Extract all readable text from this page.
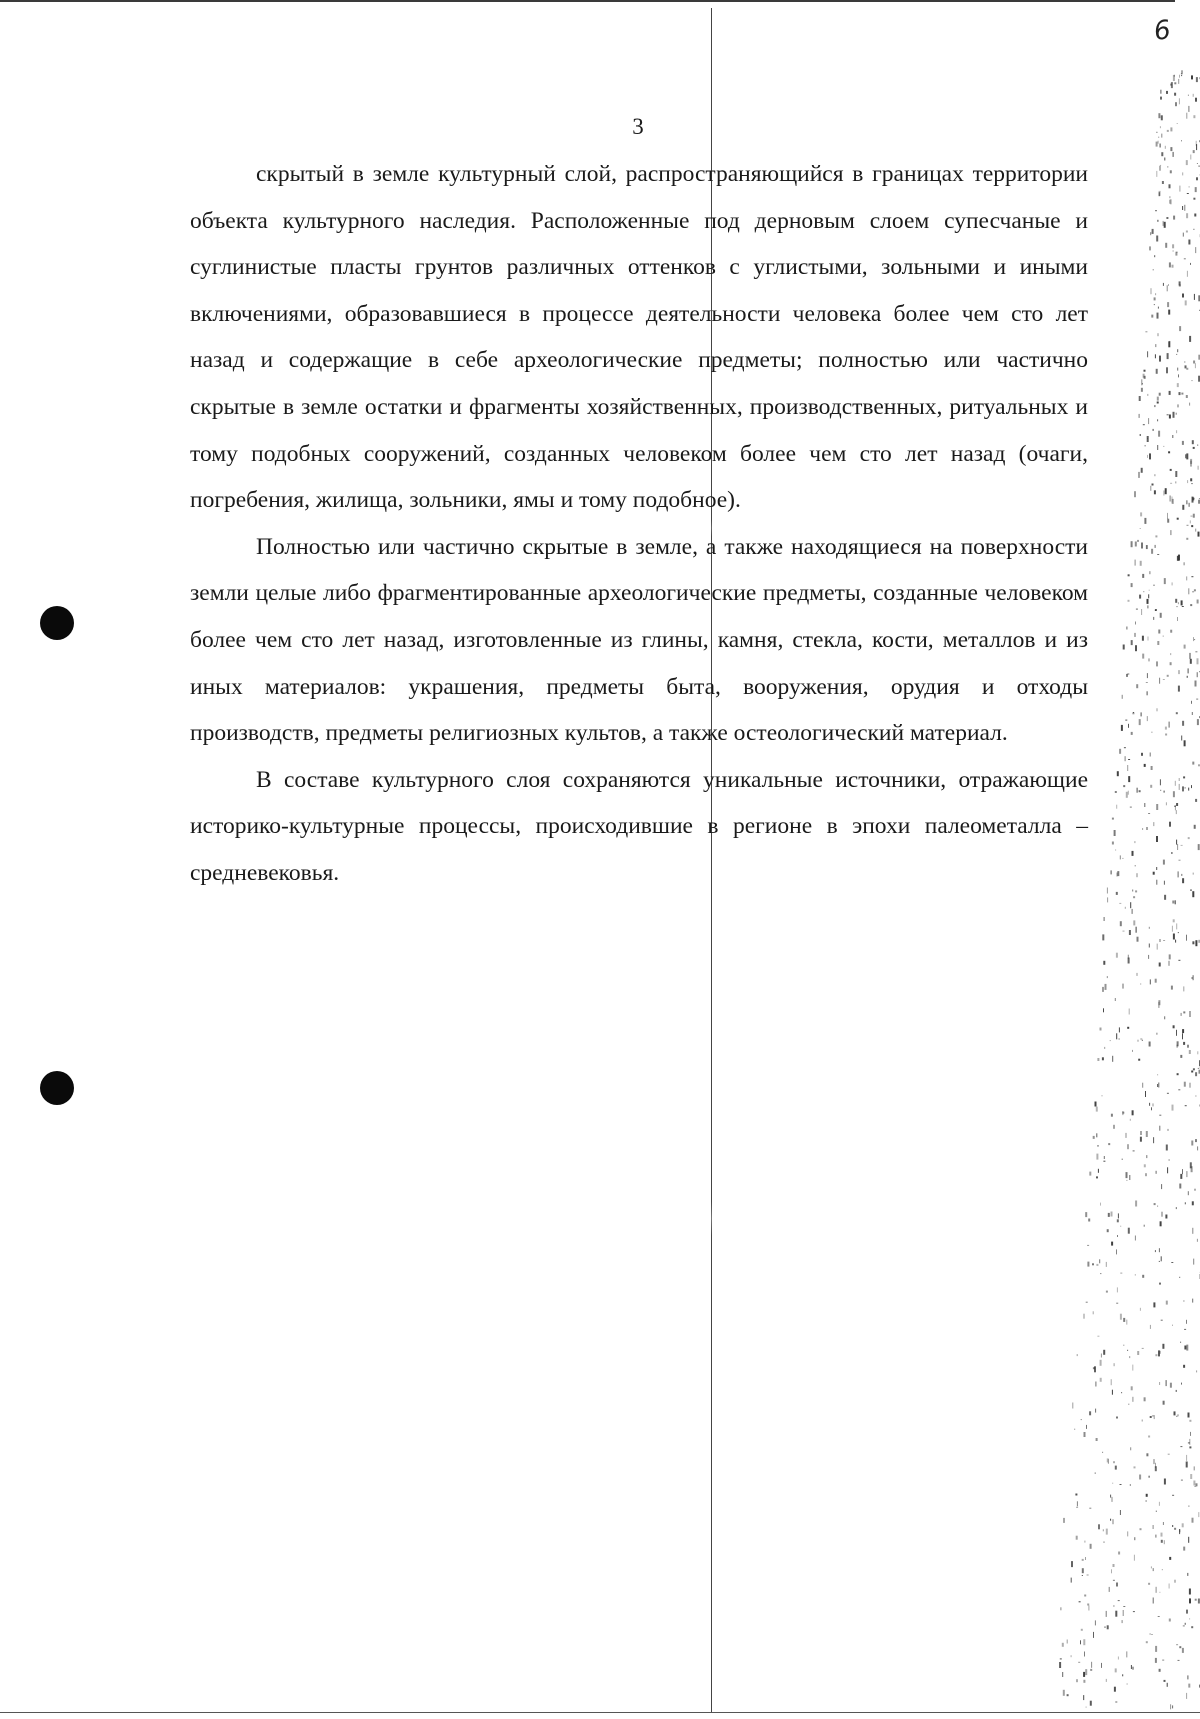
6
3

скрытый в земле культурный слой, распространяющийся в границах территории объекта культурного наследия. Расположенные под дерновым слоем супесчаные и суглинистые пласты грунтов различных оттенков с углистыми, зольными и иными включениями, образовавшиеся в процессе деятельности человека более чем сто лет назад и содержащие в себе археологические предметы; полностью или частично скрытые в земле остатки и фрагменты хозяйственных, производственных, ритуальных и тому подобных сооружений, созданных человеком более чем сто лет назад (очаги, погребения, жилища, зольники, ямы и тому подобное).

Полностью или частично скрытые в земле, а также находящиеся на поверхности земли целые либо фрагментированные археологические предметы, созданные человеком более чем сто лет назад, изготовленные из глины, камня, стекла, кости, металлов и из иных материалов: украшения, предметы быта, вооружения, орудия и отходы производств, предметы религиозных культов, а также остеологический материал.

В составе культурного слоя сохраняются уникальные источники, отражающие историко-культурные процессы, происходившие в регионе в эпохи палеометалла – средневековья.
